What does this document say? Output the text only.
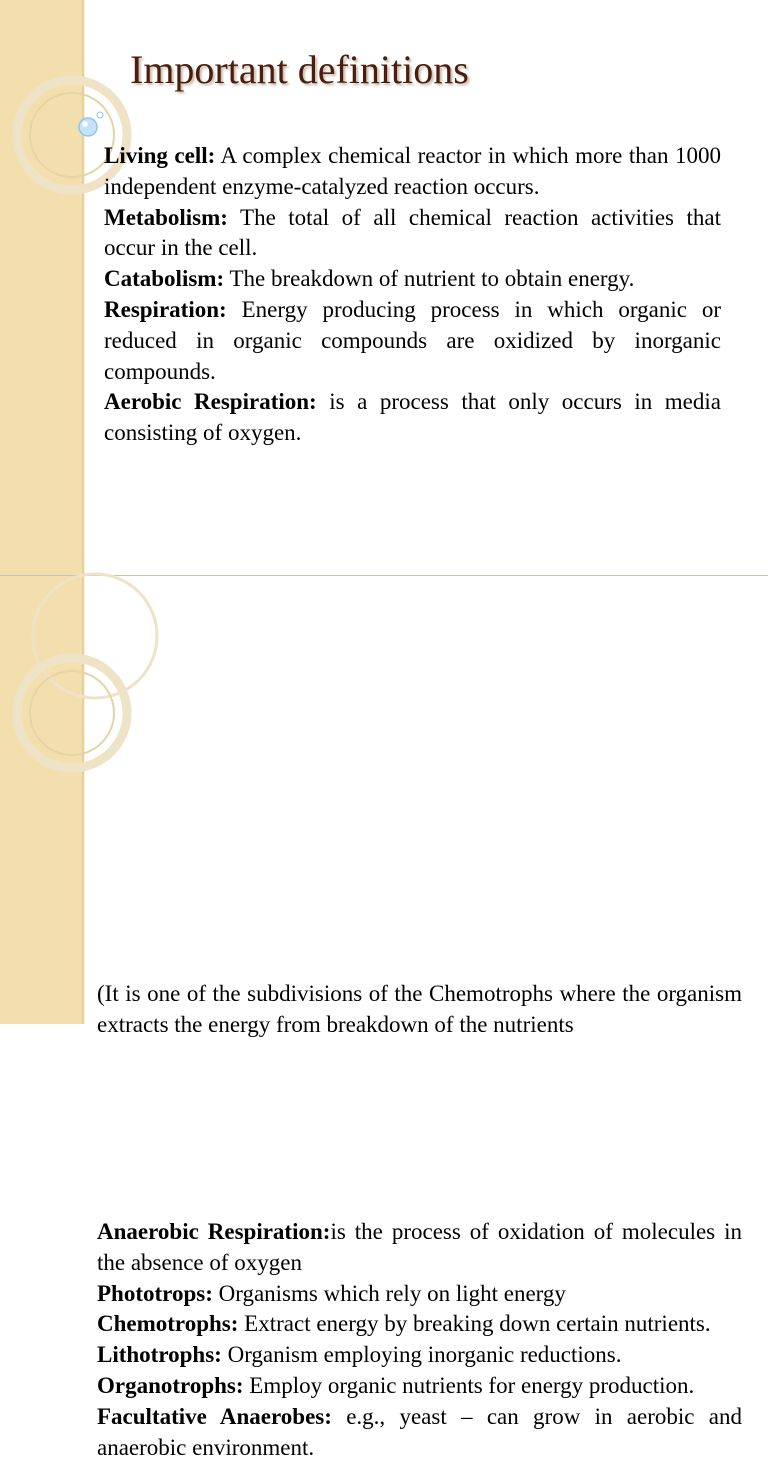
Important definitions
Living cell: A complex chemical reactor in which more than 1000 independent enzyme-catalyzed reaction occurs.
Metabolism: The total of all chemical reaction activities that occur in the cell.
Catabolism: The breakdown of nutrient to obtain energy.
Respiration: Energy producing process in which organic or reduced in organic compounds are oxidized by inorganic compounds.
Aerobic Respiration: is a process that only occurs in media consisting of oxygen.
Anaerobic Respiration:is the process of oxidation of molecules in the absence of oxygen
Phototrops: Organisms which rely on light energy
Chemotrophs: Extract energy by breaking down certain nutrients.
Lithotrophs: Organism employing inorganic reductions.
Organotrophs: Employ organic nutrients for energy production.
Facultative Anaerobes: e.g., yeast – can grow in aerobic and anaerobic environment.

(It is one of the subdivisions of the Chemotrophs where the organism extracts the energy from breakdown of the nutrients
